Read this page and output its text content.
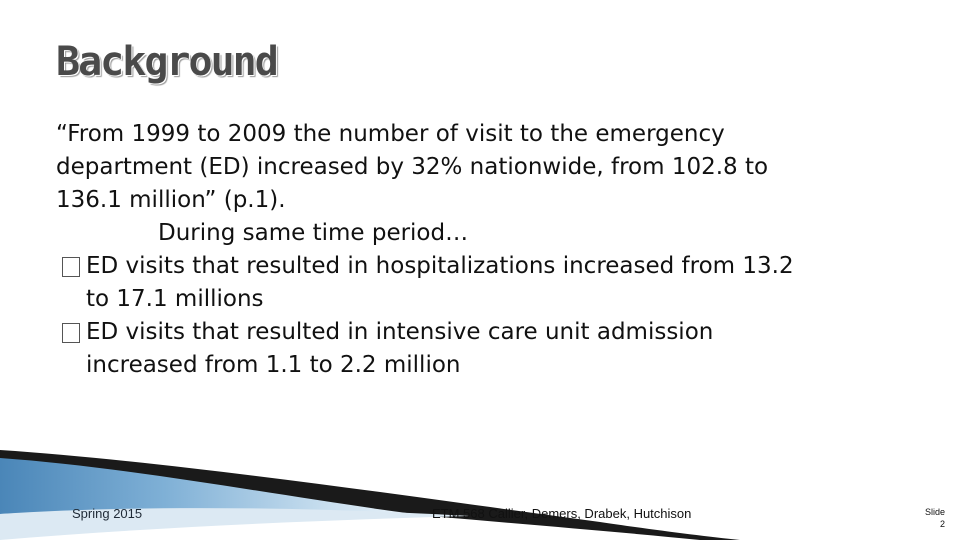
Background

“From 1999 to 2009 the number of visit to the emergency

department (ED) increased by 32% nationwide, from 102.8 to

136.1 million” (p.1).

During same time period…

ED visits that resulted in hospitalizations increased from 13.2
to 17.1 millions
ED visits that resulted in intensive care unit admission
increased from 1.1 to 2.2 million
Spring 2015	ETM 568 Callier, Demers, Drabek, Hutchison	Slide
2
